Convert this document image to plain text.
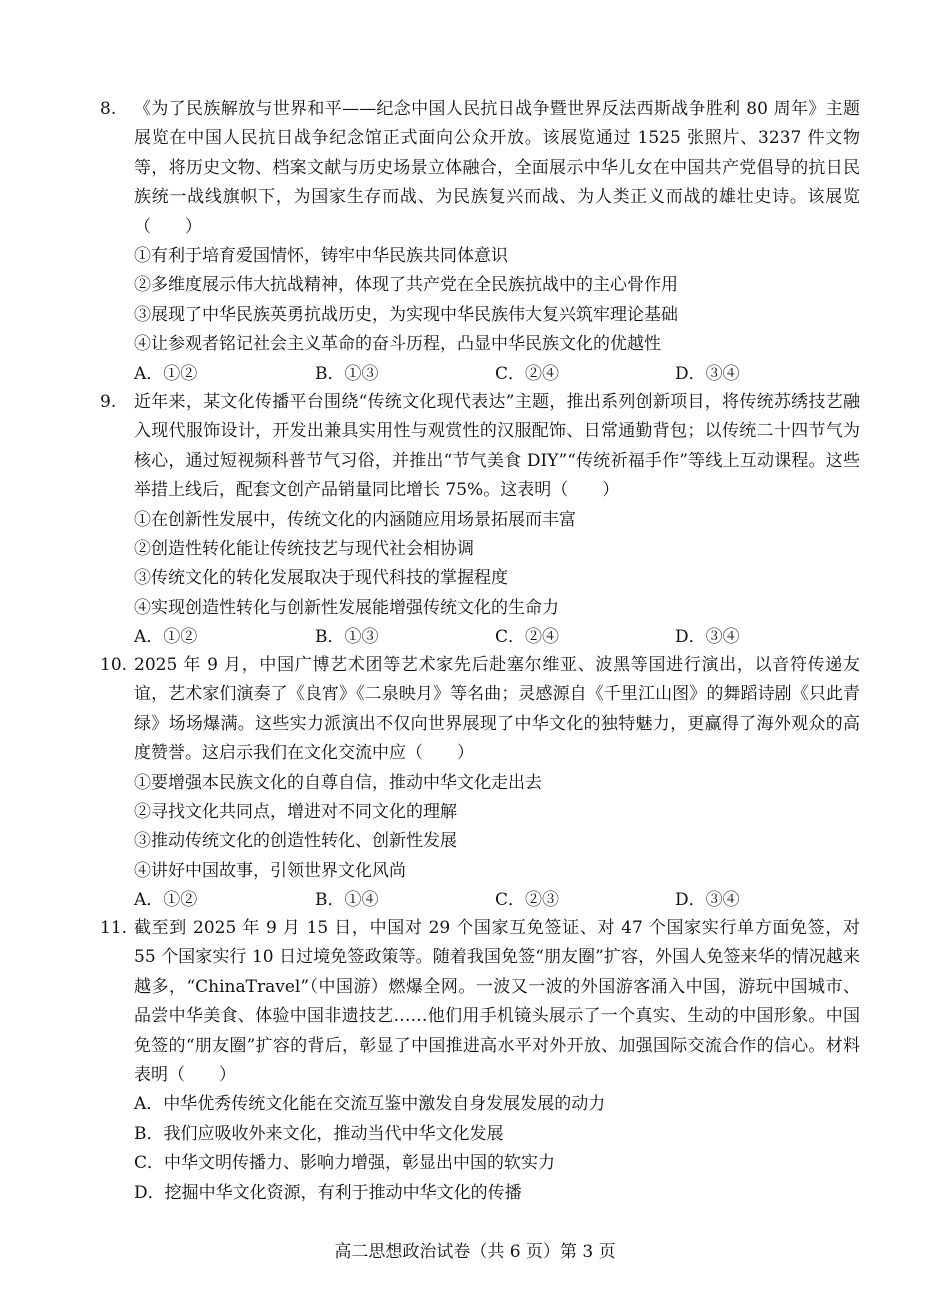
8. 《为了民族解放与世界和平——纪念中国人民抗日战争暨世界反法西斯战争胜利 80 周年》主题展览在中国人民抗日战争纪念馆正式面向公众开放。该展览通过 1525 张照片、3237 件文物等，将历史文物、档案文献与历史场景立体融合，全面展示中华儿女在中国共产党倡导的抗日民族统一战线旗帜下，为国家生存而战、为民族复兴而战、为人类正义而战的雄壮史诗。该展览（　　）

①有利于培育爱国情怀，铸牢中华民族共同体意识

②多维度展示伟大抗战精神，体现了共产党在全民族抗战中的主心骨作用

③展现了中华民族英勇抗战历史，为实现中华民族伟大复兴筑牢理论基础

④让参观者铭记社会主义革命的奋斗历程，凸显中华民族文化的优越性

A．①②	B．①③	C．②④	D．③④
9. 近年来，某文化传播平台围绕“传统文化现代表达”主题，推出系列创新项目，将传统苏绣技艺融入现代服饰设计，开发出兼具实用性与观赏性的汉服配饰、日常通勤背包；以传统二十四节气为核心，通过短视频科普节气习俗，并推出“节气美食 DIY”“传统祈福手作”等线上互动课程。这些举措上线后，配套文创产品销量同比增长 75%。这表明（　　）

①在创新性发展中，传统文化的内涵随应用场景拓展而丰富

②创造性转化能让传统技艺与现代社会相协调

③传统文化的转化发展取决于现代科技的掌握程度

④实现创造性转化与创新性发展能增强传统文化的生命力

A．①②	B．①③	C．②④	D．③④
10. 2025 年 9 月，中国广博艺术团等艺术家先后赴塞尔维亚、波黑等国进行演出，以音符传递友谊，艺术家们演奏了《良宵》《二泉映月》等名曲；灵感源自《千里江山图》的舞蹈诗剧《只此青绿》场场爆满。这些实力派演出不仅向世界展现了中华文化的独特魅力，更赢得了海外观众的高度赞誉。这启示我们在文化交流中应（　　）

①要增强本民族文化的自尊自信，推动中华文化走出去

②寻找文化共同点，增进对不同文化的理解

③推动传统文化的创造性转化、创新性发展

④讲好中国故事，引领世界文化风尚

A．①②	B．①④	C．②③	D．③④
11. 截至到 2025 年 9 月 15 日，中国对 29 个国家互免签证、对 47 个国家实行单方面免签，对 55 个国家实行 10 日过境免签政策等。随着我国免签“朋友圈”扩容，外国人免签来华的情况越来越多，“ChinaTravel”（中国游）燃爆全网。一波又一波的外国游客涌入中国，游玩中国城市、品尝中华美食、体验中国非遗技艺……他们用手机镜头展示了一个真实、生动的中国形象。中国免签的“朋友圈”扩容的背后，彰显了中国推进高水平对外开放、加强国际交流合作的信心。材料表明（　　）

A．中华优秀传统文化能在交流互鉴中激发自身发展发展的动力

B．我们应吸收外来文化，推动当代中华文化发展

C．中华文明传播力、影响力增强，彰显出中国的软实力

D．挖掘中华文化资源，有利于推动中华文化的传播

高二思想政治试卷（共 6 页）第 3 页
